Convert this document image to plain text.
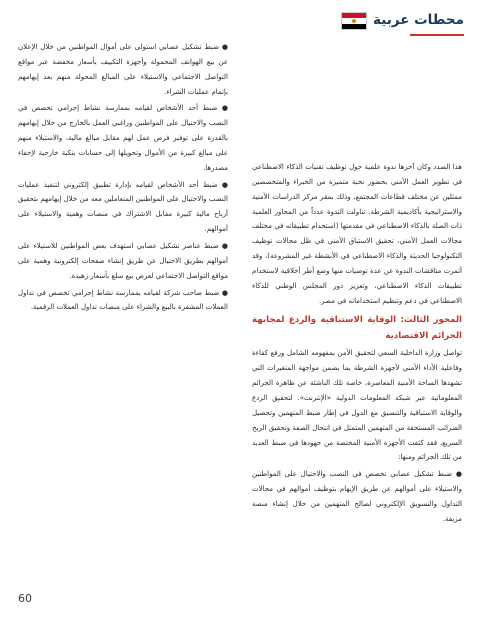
محطات عربية

هذا الصدد وكان آخرها ندوة علمية حول توظيف تقنيات الذكاء الاصطناعي في تطوير العمل الأمني بحضور نخبة متميزة من الخبراء والمتخصصين ممثلين عن مختلف قطاعات المجتمع، وذلك بمقر مركز الدراسات الأمنية والاستراتيجية بأكاديمية الشرطة. تناولت الندوة عدداً من المحاور العلمية ذات الصلة بالذكاء الاصطناعي في مقدمتها (استخدام تطبيقاته في مختلف مجالات العمل الأمني، تحقيق الاستباق الأمني في ظل مجالات توظيف التكنولوجيا الحديثة والذكاء الاصطناعي في الأنشطة غير المشروعة)، وقد أثمرت مناقشات الندوة عن عدة توصيات منها وضع أطر أخلاقية لاستخدام تطبيقات الذكاء الاصطناعي، وتعزيز دور المجلس الوطني للذكاء الاصطناعي في دعم وتنظيم استخداماته في مصر.

المحور الثالث: الوقاية الاستباقية والردع لمجابهة الجرائم الاقتصادية

تواصل وزارة الداخلية السعي لتحقيق الأمن بمفهومه الشامل ورفع كفاءة وفاعلية الأداء الأمني لأجهزة الشرطة بما يضمن مواجهة المتغيرات التي تشهدها الساحة الأمنية المعاصرة، خاصة تلك الناشئة عن ظاهرة الجرائم المعلوماتية عبر شبكة المعلومات الدولية «الإنترنت». لتحقيق الردع والوقاية الاستباقية والتنسيق مع الدول في إطار ضبط المتهمين وتحصيل الضرائب المستحقة من المتهمين المتمثل في انتحال الصفة وتحقيق الربح السريع، فقد كثفت الأجهزة الأمنية المختصة من جهودها في ضبط العديد من تلك الجرائم ومنها:

● ضبط تشكيل عصابي تخصص في النصب والاحتيال على المواطنين والاستيلاء على أموالهم عن طريق الإيهام بتوظيف أموالهم في مجالات التداول والتسويق الإلكتروني لصالح المتهمين من خلال إنشاء منصة مزيفة.

● ضبط تشكيل عصابي استولى على أموال المواطنين من خلال الإعلان عن بيع الهواتف المحمولة وأجهزة التكييف بأسعار مخفضة عبر مواقع التواصل الاجتماعي والاستيلاء على المبالغ المحولة منهم بعد إيهامهم بإتمام عمليات الشراء.

● ضبط أحد الأشخاص لقيامه بممارسة نشاط إجرامي تخصص في النصب والاحتيال على المواطنين وراغبي العمل بالخارج من خلال إيهامهم بالقدرة على توفير فرص عمل لهم مقابل مبالغ مالية، والاستيلاء منهم على مبالغ كبيرة من الأموال وتحويلها إلى حسابات بنكية خارجية لإخفاء مصدرها.

● ضبط أحد الأشخاص لقيامه بإدارة تطبيق إلكتروني لتنفيذ عمليات النصب والاحتيال على المواطنين المتعاملين معه من خلال إيهامهم بتحقيق أرباح مالية كبيرة مقابل الاشتراك في منصات وهمية والاستيلاء على أموالهم.

● ضبط عناصر تشكيل عصابي استهدف بعض المواطنين للاستيلاء على أموالهم بطريق الاحتيال عن طريق إنشاء صفحات إلكترونية وهمية على مواقع التواصل الاجتماعي لعرض بيع سلع بأسعار زهيدة.

● ضبط صاحب شركة لقيامه بممارسة نشاط إجرامي تخصص في تداول العملات المشفرة بالبيع والشراء على منصات تداول العملات الرقمية.

60
